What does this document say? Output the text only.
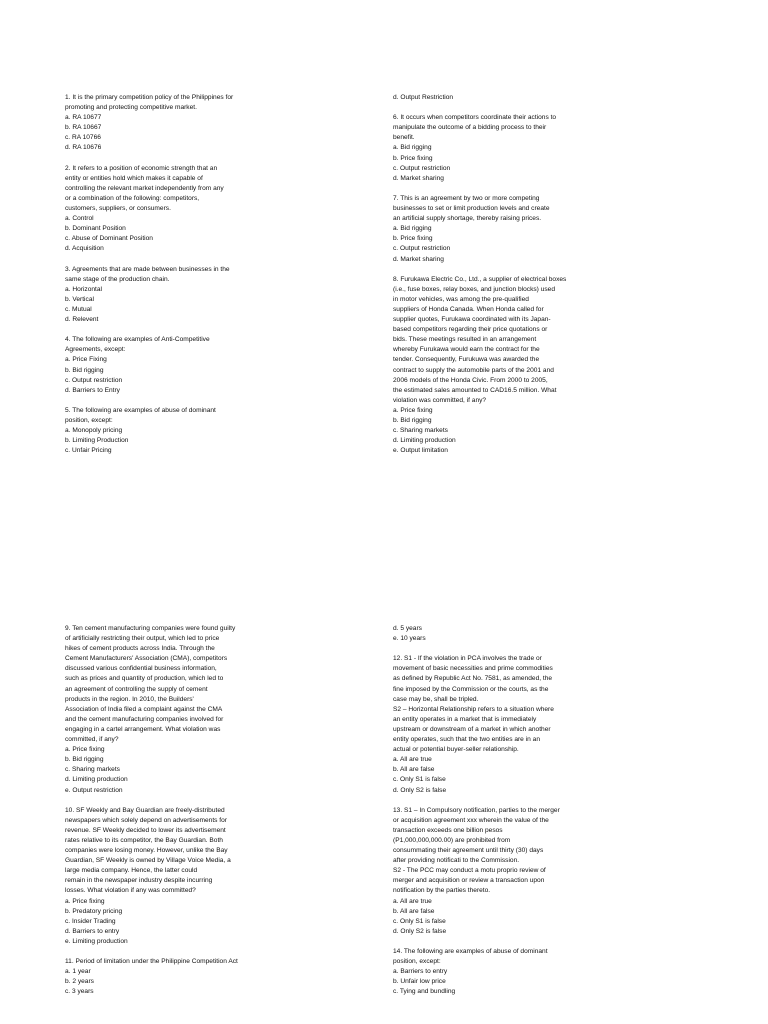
1. It is the primary competition policy of the Philippines for
promoting and protecting competitive market.
a. RA 10677
b. RA 10667
c. RA 10766
d. RA 10676
2. It refers to a position of economic strength that an
entity or entities hold which makes it capable of
controlling the relevant market independently from any
or a combination of the following: competitors,
customers, suppliers, or consumers.
a. Control
b. Dominant Position
c. Abuse of Dominant Position
d. Acquisition
3. Agreements that are made between businesses in the
same stage of the production chain.
a. Horizontal
b. Vertical
c. Mutual
d. Relevent
4. The following are examples of Anti-Competitive
Agreements, except:
a. Price Fixing
b. Bid rigging
c. Output restriction
d. Barriers to Entry
5. The following are examples of abuse of dominant
position, except:
a. Monopoly pricing
b. Limiting Production
c. Unfair Pricing
d. Output Restriction
6. It occurs when competitors coordinate their actions to
manipulate the outcome of a bidding process to their
benefit.
a. Bid rigging
b. Price fixing
c. Output restriction
d. Market sharing
7. This is an agreement by two or more competing
businesses to set or limit production levels and create
an artificial supply shortage, thereby raising prices.
a. Bid rigging
b. Price fixing
c. Output restriction
d. Market sharing
8. Furukawa Electric Co., Ltd., a supplier of electrical boxes
(i.e., fuse boxes, relay boxes, and junction blocks) used
in motor vehicles, was among the pre-qualified
suppliers of Honda Canada. When Honda called for
supplier quotes, Furukawa coordinated with its Japan-
based competitors regarding their price quotations or
bids. These meetings resulted in an arrangement
whereby Furukawa would earn the contract for the
tender. Consequently, Furukuwa was awarded the
contract to supply the automobile parts of the 2001 and
2006 models of the Honda Civic. From 2000 to 2005,
the estimated sales amounted to CAD16.5 million. What
violation was committed, if any?
a. Price fixing
b. Bid rigging
c. Sharing markets
d. Limiting production
e. Output limitation
9. Ten cement manufacturing companies were found guilty
of artificially restricting their output, which led to price
hikes of cement products across India. Through the
Cement Manufacturers' Association (CMA), competitors
discussed various confidential business information,
such as prices and quantity of production, which led to
an agreement of controlling the supply of cement
products in the region. In 2010, the Builders'
Association of India filed a complaint against the CMA
and the cement manufacturing companies involved for
engaging in a cartel arrangement. What violation was
committed, if any?
a. Price fixing
b. Bid rigging
c. Sharing markets
d. Limiting production
e. Output restriction
10. SF Weekly and Bay Guardian are freely-distributed
newspapers which solely depend on advertisements for
revenue. SF Weekly decided to lower its advertisement
rates relative to its competitor, the Bay Guardian. Both
companies were losing money. However, unlike the Bay
Guardian, SF Weekly is owned by Village Voice Media, a
large media company. Hence, the latter could
remain in the newspaper industry despite incurring
losses. What violation if any was committed?
a. Price fixing
b. Predatory pricing
c. Insider Trading
d. Barriers to entry
e. Limiting production
11. Period of limitation under the Philippine Competition Act
a. 1 year
b. 2 years
c. 3 years
d. 5 years
e. 10 years
12. S1 - If the violation in PCA involves the trade or
movement of basic necessities and prime commodities
as defined by Republic Act No. 7581, as amended, the
fine imposed by the Commission or the courts, as the
case may be, shall be tripled.
S2 – Horizontal Relationship refers to a situation where
an entity operates in a market that is immediately
upstream or downstream of a market in which another
entity operates, such that the two entities are in an
actual or potential buyer-seller relationship.
a. All are true
b. All are false
c. Only S1 is false
d. Only S2 is false
13. S1 – In Compulsory notification, parties to the merger
or acquisition agreement xxx wherein the value of the
transaction exceeds one billion pesos
(P1,000,000,000.00) are prohibited from
consummating their agreement until thirty (30) days
after providing notificati to the Commission.
S2 - The PCC may conduct a motu proprio review of
merger and acquisition or review a transaction upon
notification by the parties thereto.
a. All are true
b. All are false
c. Only S1 is false
d. Only S2 is false
14. The following are examples of abuse of dominant
position, except:
a. Barriers to entry
b. Unfair low price
c. Tying and bundling
